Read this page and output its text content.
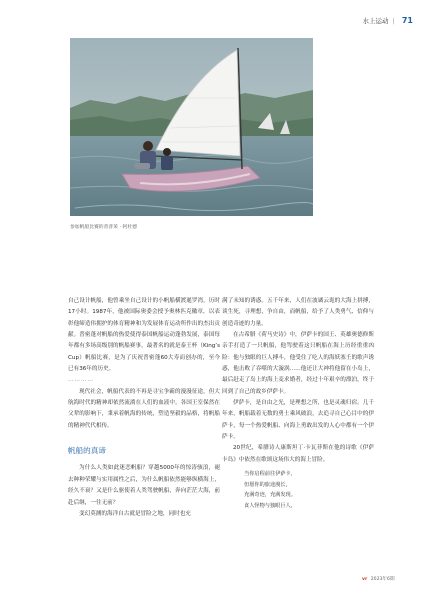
水上运动 | 71
参加帆船比赛的普普莱 · 阿杜德

自己设计帆船，他曾乘坐自己设计的小帆船横渡暹罗湾，历时17小时。1987年，他被国际奥委会授予奥林匹克徽章，以表彰他缔造伟拥护的体育精神和为发展体育运动所作出的杰出贡献。普密蓬对帆船的热爱使得泰国帆船运动蓬勃发展，泰国每年都有多场高级别的帆船赛事，最著名的就是泰王杯（King’s Cup）帆船比赛，是为了庆祝普密蓬60大寿而创办的，至今已有36年的历史。

…………

现代社会，帆船代表的不再是寻宝争霸的漫漫征途，但大航海时代的精神却依然流淌在人们的血液中。各国王室保然在父辈的影响下，秉承着帆海的传统，塑造坚毅的品格，将帆船的精神代代相传。

帆船的真谛

为什么人类如此迷恋帆船？穿越5000年的惊涛骇浪，褪去种种荣耀与实用属性之后，为什么帆船依然能够纵横海上，经久不衰？又是什么驱使着人类驾驶帆船，奔向茫茫大海，前赴后继，一往无前？

变幻莫测的海洋自古就是冒险之地，同时也充

满了未知的诱惑。五千年来，人们在波谲云诡的大海上拼搏，谈生死，寻理想，争自由，而帆船，给予了人类勇气、信仰与创造奇迹的力量。

在古希腊《荷马史诗》中，伊萨卡的国王、英雄奥德修斯亲手打造了一只帆船，他驾驶着这只帆船在海上历经重重凶险：他与独眼的巨人搏斗，他受住了吃人的海妖塞壬的歌声诱惑，他击败了吞噬的大漩涡……他还让大神将他留在小岛上，最后赶走了岛上的海上麦求婚者，经过十年艰辛的漂泊，终于回到了自己的故乡伊萨卡。

伊萨卡，是自由之光，是理想之所，也是灵魂归宿。几千年来，帆船载着无数的勇士乘风破浪，去追寻自己心目中的伊萨卡，每一个热爱帆船、向海上勇敢出发的人心中都有一个伊萨卡。

20世纪，希腊诗人康斯坦丁·卡瓦菲斯在他的诗歌《伊萨卡岛》中依然在歌颂这场伟大的海上冒险。

当你启程前往伊萨卡，
但愿你的旅途漫长，
充满奇迹，充满发现。
食人怪物与独眼巨人，
vr 2023年6期
